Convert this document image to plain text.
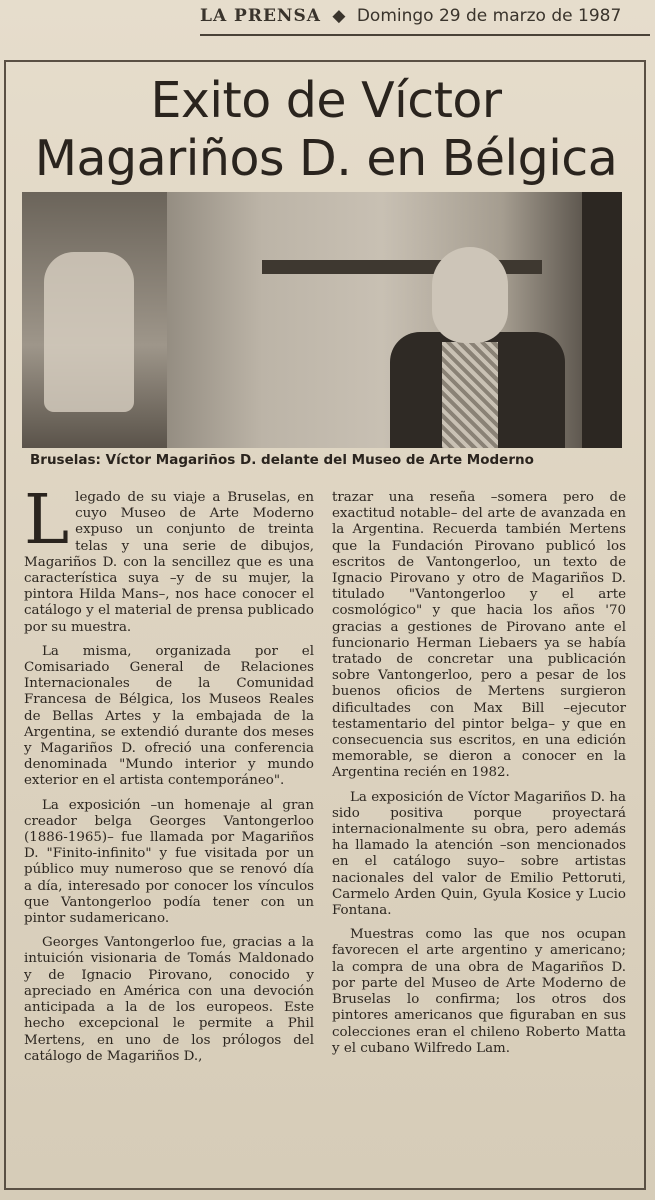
LA PRENSA ◆ Domingo 29 de marzo de 1987
Exito de Víctor
Magariños D. en Bélgica
Bruselas: Víctor Magariños D. delante del Museo de Arte Moderno

Llegado de su viaje a Bruselas, en cuyo Museo de Arte Moderno expuso un conjunto de treinta telas y una serie de dibujos, Magariños D. con la sencillez que es una característica suya –y de su mujer, la pintora Hilda Mans–, nos hace conocer el catálogo y el material de prensa publicado por su muestra.

La misma, organizada por el Comisariado General de Relaciones Internacionales de la Comunidad Francesa de Bélgica, los Museos Reales de Bellas Artes y la embajada de la Argentina, se extendió durante dos meses y Magariños D. ofreció una conferencia denominada "Mundo interior y mundo exterior en el artista contemporáneo".

La exposición –un homenaje al gran creador belga Georges Vantongerloo (1886-1965)– fue llamada por Magariños D. "Finito-infinito" y fue visitada por un público muy numeroso que se renovó día a día, interesado por conocer los vínculos que Vantongerloo podía tener con un pintor sudamericano.

Georges Vantongerloo fue, gracias a la intuición visionaria de Tomás Maldonado y de Ignacio Pirovano, conocido y apreciado en América con una devoción anticipada a la de los europeos. Este hecho excepcional le permite a Phil Mertens, en uno de los prólogos del catálogo de Magariños D.,

trazar una reseña –somera pero de exactitud notable– del arte de avanzada en la Argentina. Recuerda también Mertens que la Fundación Pirovano publicó los escritos de Vantongerloo, un texto de Ignacio Pirovano y otro de Magariños D. titulado "Vantongerloo y el arte cosmológico" y que hacia los años '70 gracias a gestiones de Pirovano ante el funcionario Herman Liebaers ya se había tratado de concretar una publicación sobre Vantongerloo, pero a pesar de los buenos oficios de Mertens surgieron dificultades con Max Bill –ejecutor testamentario del pintor belga– y que en consecuencia sus escritos, en una edición memorable, se dieron a conocer en la Argentina recién en 1982.

La exposición de Víctor Magariños D. ha sido positiva porque proyectará internacionalmente su obra, pero además ha llamado la atención –son mencionados en el catálogo suyo– sobre artistas nacionales del valor de Emilio Pettoruti, Carmelo Arden Quin, Gyula Kosice y Lucio Fontana.

Muestras como las que nos ocupan favorecen el arte argentino y americano; la compra de una obra de Magariños D. por parte del Museo de Arte Moderno de Bruselas lo confirma; los otros dos pintores americanos que figuraban en sus colecciones eran el chileno Roberto Matta y el cubano Wilfredo Lam.
